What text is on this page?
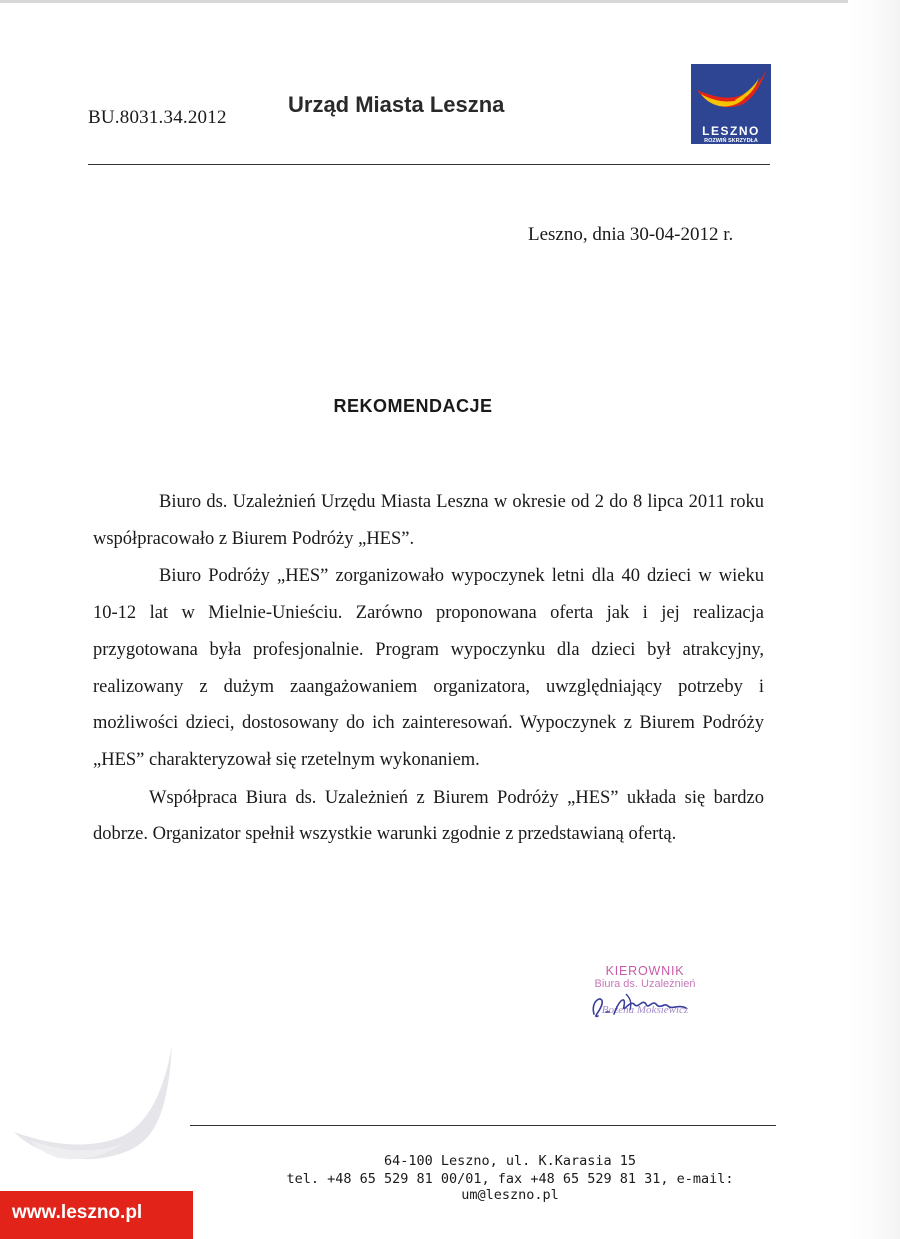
BU.8031.34.2012
Urząd Miasta Leszna
LESZNO
ROZWIŃ SKRZYDŁA
Leszno, dnia 30-04-2012 r.
REKOMENDACJE

Biuro ds. Uzależnień Urzędu Miasta Leszna w okresie od 2 do 8 lipca 2011 roku współpracowało z Biurem Podróży „HES”.

Biuro Podróży „HES” zorganizowało wypoczynek letni dla 40 dzieci w wieku 10-12 lat w Mielnie-Unieściu. Zarówno proponowana oferta jak i jej realizacja przygotowana była profesjonalnie. Program wypoczynku dla dzieci był atrakcyjny, realizowany z dużym zaangażowaniem organizatora, uwzględniający potrzeby i możliwości dzieci, dostosowany do ich zainteresowań. Wypoczynek z Biurem Podróży „HES” charakteryzował się rzetelnym wykonaniem.

Współpraca Biura ds. Uzależnień z Biurem Podróży „HES” układa się bardzo dobrze. Organizator spełnił wszystkie warunki zgodnie z przedstawianą ofertą.

KIEROWNIK
Biura ds. Uzależnień
Bożena Moksiewicz
64-100 Leszno, ul. K.Karasia 15
tel. +48 65 529 81 00/01, fax +48 65 529 81 31, e-mail: um@leszno.pl
www.leszno.pl
